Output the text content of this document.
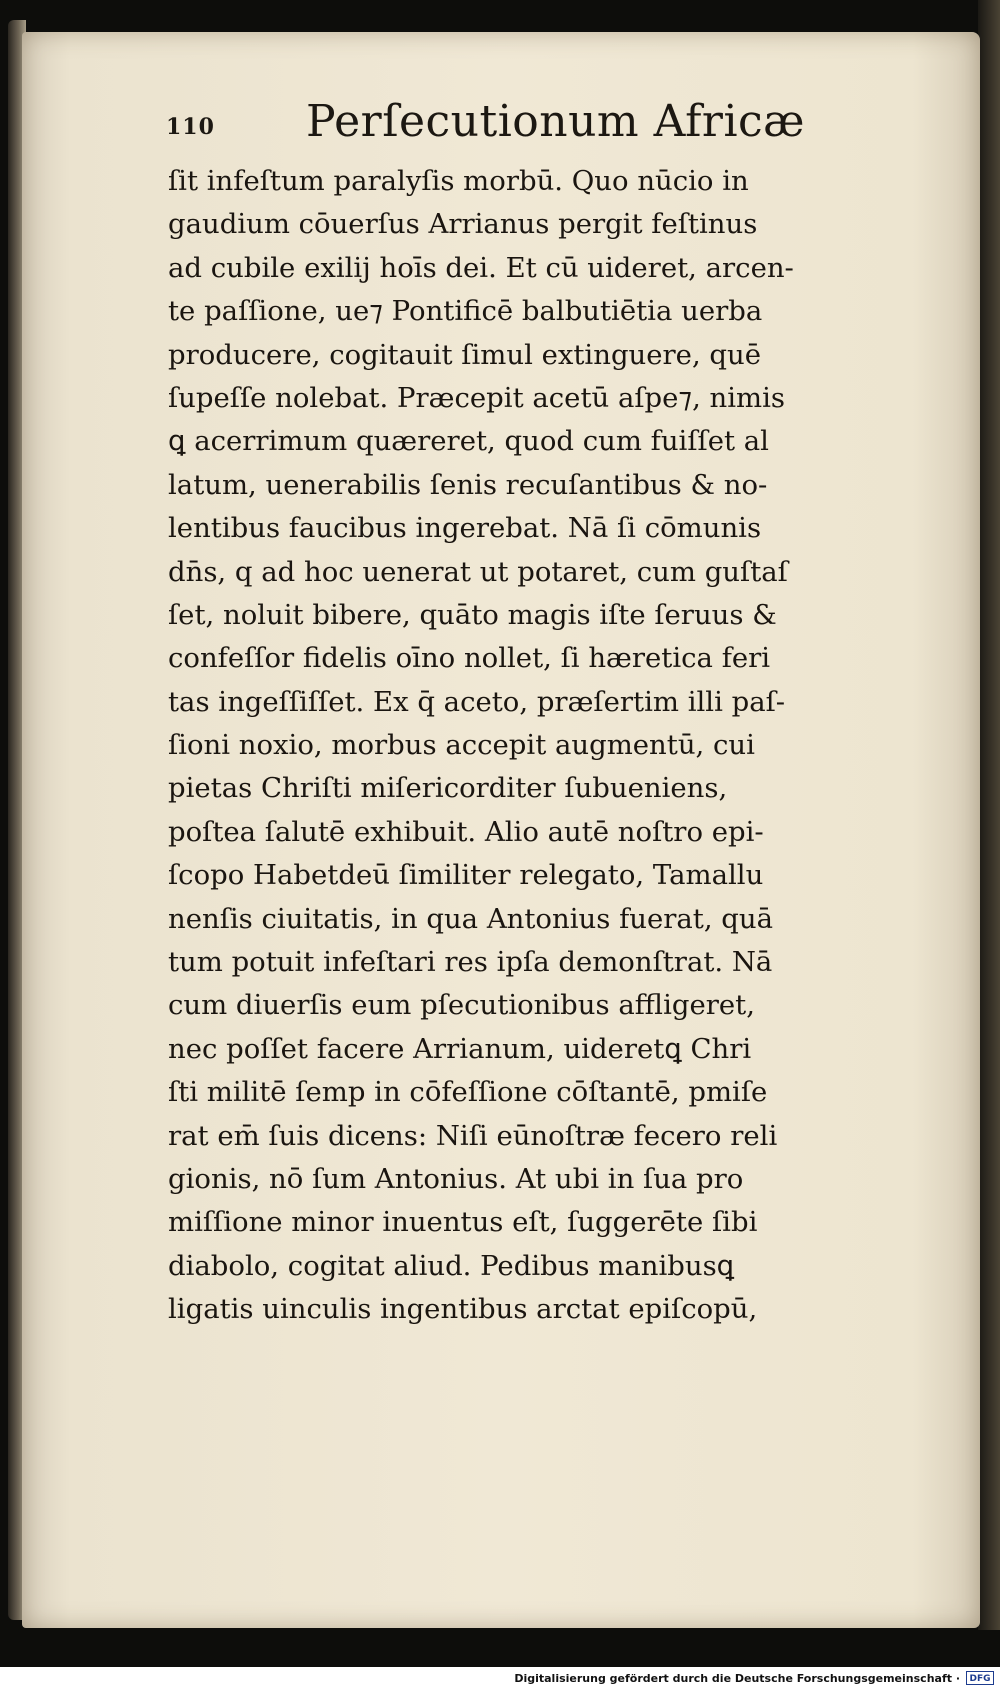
110 Perſecutionum Africæ
ſit infeſtum paralyſis morbū. Quo nūcio in
gaudium cōuerſus Arrianus pergit feſtinus
ad cubile exilij hoīs dei. Et cū uideret, arcen-
te paſſione, ue⁊ Pontificē balbutiētia uerba
producere, cogitauit ſimul extinguere, quē
ſupeſſe nolebat. Præcepit acetū aſpe⁊, nimis
ꝗ acerrimum quæreret, quod cum fuiſſet al
latum, uenerabilis ſenis recuſantibus & no-
lentibus faucibus ingerebat. Nā ſi cōmunis
dn̄s, q ad hoc uenerat ut potaret, cum guſtaſ
ſet, noluit bibere, quāto magis iſte ſeruus &
confeſſor fidelis oīno nollet, ſi hæretica feri
tas ingeſſiſſet. Ex q̄ aceto, præſertim illi paſ-
ſioni noxio, morbus accepit augmentū, cui
pietas Chriſti miſericorditer ſubueniens,
poſtea ſalutē exhibuit. Alio autē noſtro epi-
ſcopo Habetdeū ſimiliter relegato, Tamallu
nenſis ciuitatis, in qua Antonius fuerat, quā
tum potuit infeſtari res ipſa demonſtrat. Nā
cum diuerſis eum pſecutionibus affligeret,
nec poſſet facere Arrianum, uideretꝗ Chri
ſti militē ſemp in cōfeſſione cōſtantē, pmiſe
rat em̄ ſuis dicens: Niſi eūnoſtræ fecero reli
gionis, nō ſum Antonius. At ubi in ſua pro
miſſione minor inuentus eſt, ſuggerēte ſibi
diabolo, cogitat aliud. Pedibus manibusꝗ
ligatis uinculis ingentibus arctat epiſcopū,
Digitalisierung gefördert durch die Deutsche Forschungsgemeinschaft ·	DFG
